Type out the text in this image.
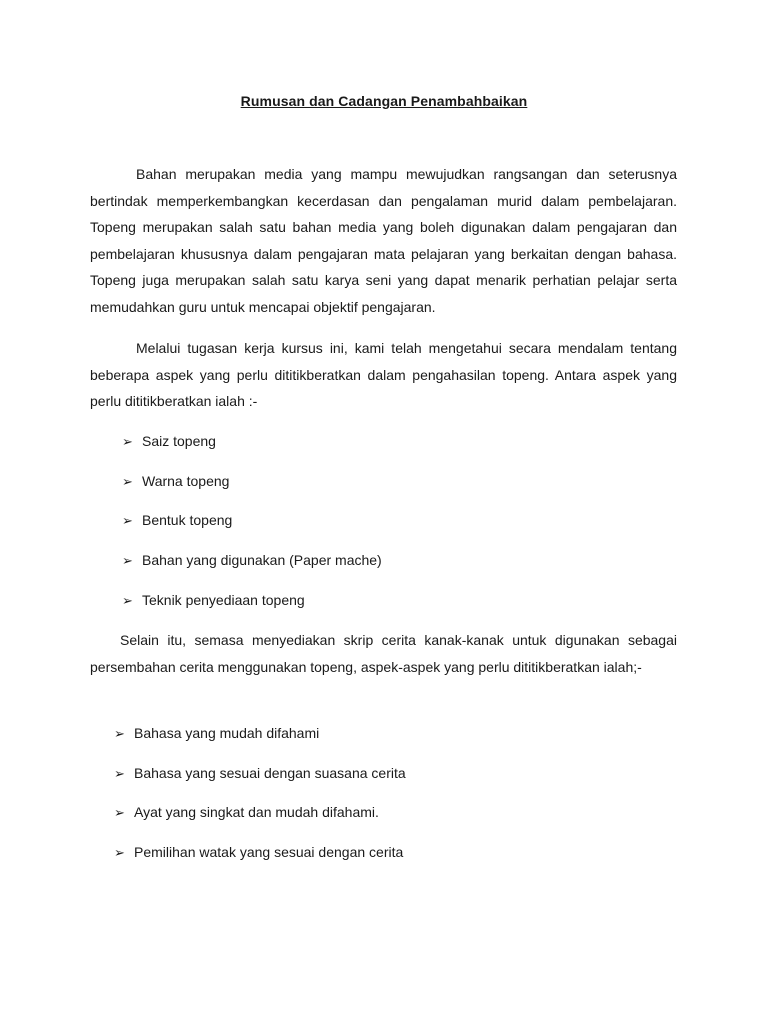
Rumusan dan Cadangan Penambahbaikan

Bahan merupakan media yang mampu mewujudkan rangsangan dan seterusnya bertindak memperkembangkan kecerdasan dan pengalaman murid dalam pembelajaran. Topeng merupakan salah satu bahan media yang boleh digunakan dalam pengajaran dan pembelajaran khususnya dalam pengajaran mata pelajaran yang berkaitan dengan bahasa. Topeng juga merupakan salah satu karya seni yang dapat menarik perhatian pelajar serta memudahkan guru untuk mencapai objektif pengajaran.

Melalui tugasan kerja kursus ini, kami telah mengetahui secara mendalam tentang beberapa aspek yang perlu dititikberatkan dalam pengahasilan topeng. Antara aspek yang perlu dititikberatkan ialah :-

➢ Saiz topeng
➢ Warna topeng
➢ Bentuk topeng
➢ Bahan yang digunakan (Paper mache)
➢ Teknik penyediaan topeng

Selain itu, semasa menyediakan skrip cerita kanak-kanak untuk digunakan sebagai persembahan cerita menggunakan topeng, aspek-aspek yang perlu dititikberatkan ialah;-

➢ Bahasa yang mudah difahami
➢ Bahasa yang sesuai dengan suasana cerita
➢ Ayat yang singkat dan mudah difahami.
➢ Pemilihan watak yang sesuai dengan cerita
